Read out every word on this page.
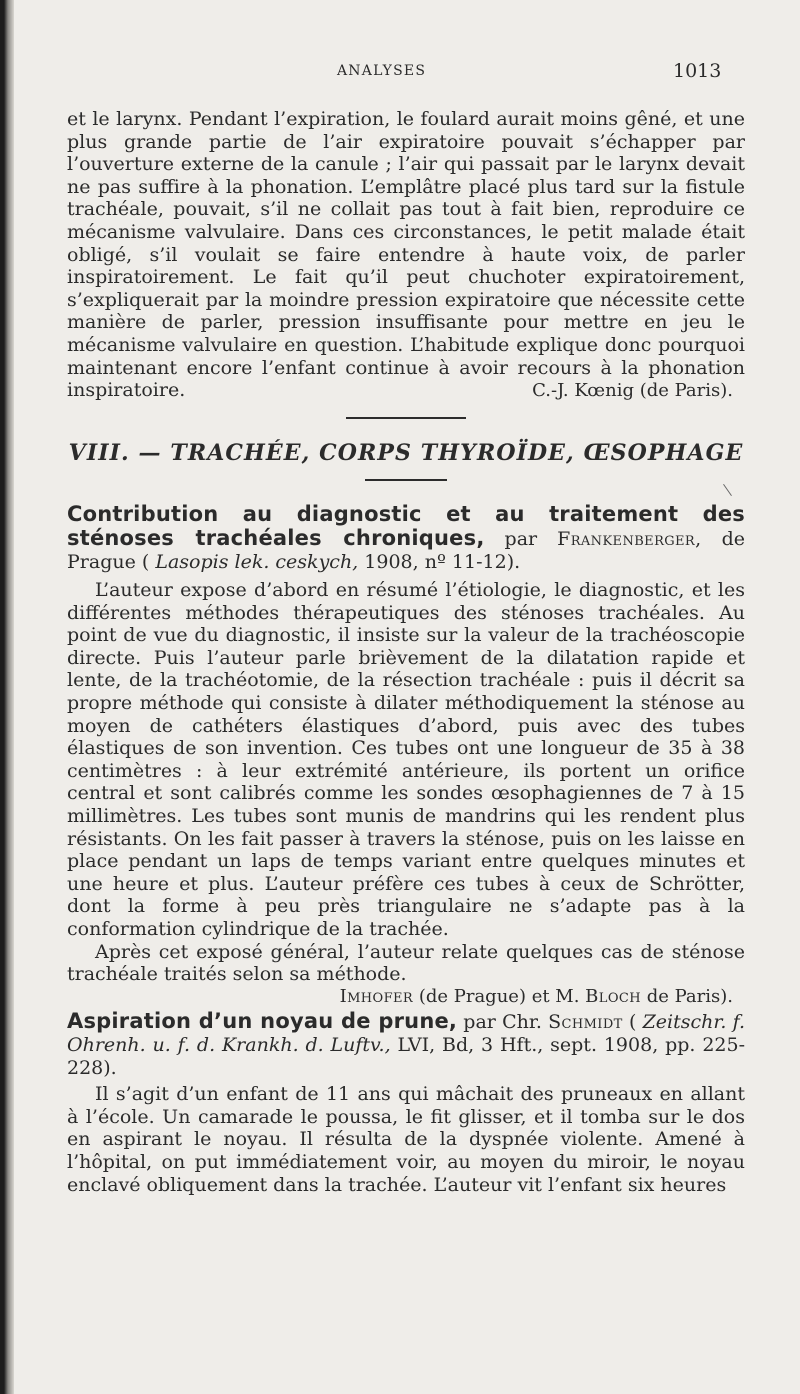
ANALYSES	1013

et le larynx. Pendant l’expiration, le foulard aurait moins gêné, et une plus grande partie de l’air expiratoire pouvait s’échapper par l’ouverture externe de la canule ; l’air qui passait par le larynx devait ne pas suffire à la phonation. L’emplâtre placé plus tard sur la fistule trachéale, pouvait, s’il ne collait pas tout à fait bien, reproduire ce mécanisme valvulaire. Dans ces circonstances, le petit malade était obligé, s’il voulait se faire entendre à haute voix, de parler inspiratoirement. Le fait qu’il peut chuchoter expiratoirement, s’expliquerait par la moindre pression expiratoire que nécessite cette manière de parler, pression insuffisante pour mettre en jeu le mécanisme valvulaire en question. L’habitude explique donc pourquoi maintenant encore l’enfant continue à avoir recours à la phonation inspiratoire.	C.-J. Kœnig (de Paris).

VIII. — TRACHÉE, CORPS THYROÏDE, ŒSOPHAGE

Contribution au diagnostic et au traitement des sténoses trachéales chroniques, par Frankenberger, de Prague ( Lasopis lek. ceskych, 1908, nº 11-12).

L’auteur expose d’abord en résumé l’étiologie, le diagnostic, et les différentes méthodes thérapeutiques des sténoses trachéales. Au point de vue du diagnostic, il insiste sur la valeur de la trachéoscopie directe. Puis l’auteur parle brièvement de la dilatation rapide et lente, de la trachéotomie, de la résection trachéale : puis il décrit sa propre méthode qui consiste à dilater méthodiquement la sténose au moyen de cathéters élastiques d’abord, puis avec des tubes élastiques de son invention. Ces tubes ont une longueur de 35 à 38 centimètres : à leur extrémité antérieure, ils portent un orifice central et sont calibrés comme les sondes œsophagiennes de 7 à 15 millimètres. Les tubes sont munis de mandrins qui les rendent plus résistants. On les fait passer à travers la sténose, puis on les laisse en place pendant un laps de temps variant entre quelques minutes et une heure et plus. L’auteur préfère ces tubes à ceux de Schrötter, dont la forme à peu près triangulaire ne s’adapte pas à la conformation cylindrique de la trachée.

Après cet exposé général, l’auteur relate quelques cas de sténose trachéale traités selon sa méthode.

Imhofer (de Prague) et M. Bloch de Paris).

Aspiration d’un noyau de prune, par Chr. Schmidt ( Zeitschr. f. Ohrenh. u. f. d. Krankh. d. Luftv., LVI, Bd, 3 Hft., sept. 1908, pp. 225-228).

Il s’agit d’un enfant de 11 ans qui mâchait des pruneaux en allant à l’école. Un camarade le poussa, le fit glisser, et il tomba sur le dos en aspirant le noyau. Il résulta de la dyspnée violente. Amené à l’hôpital, on put immédiatement voir, au moyen du miroir, le noyau enclavé obliquement dans la trachée. L’auteur vit l’enfant six heures
